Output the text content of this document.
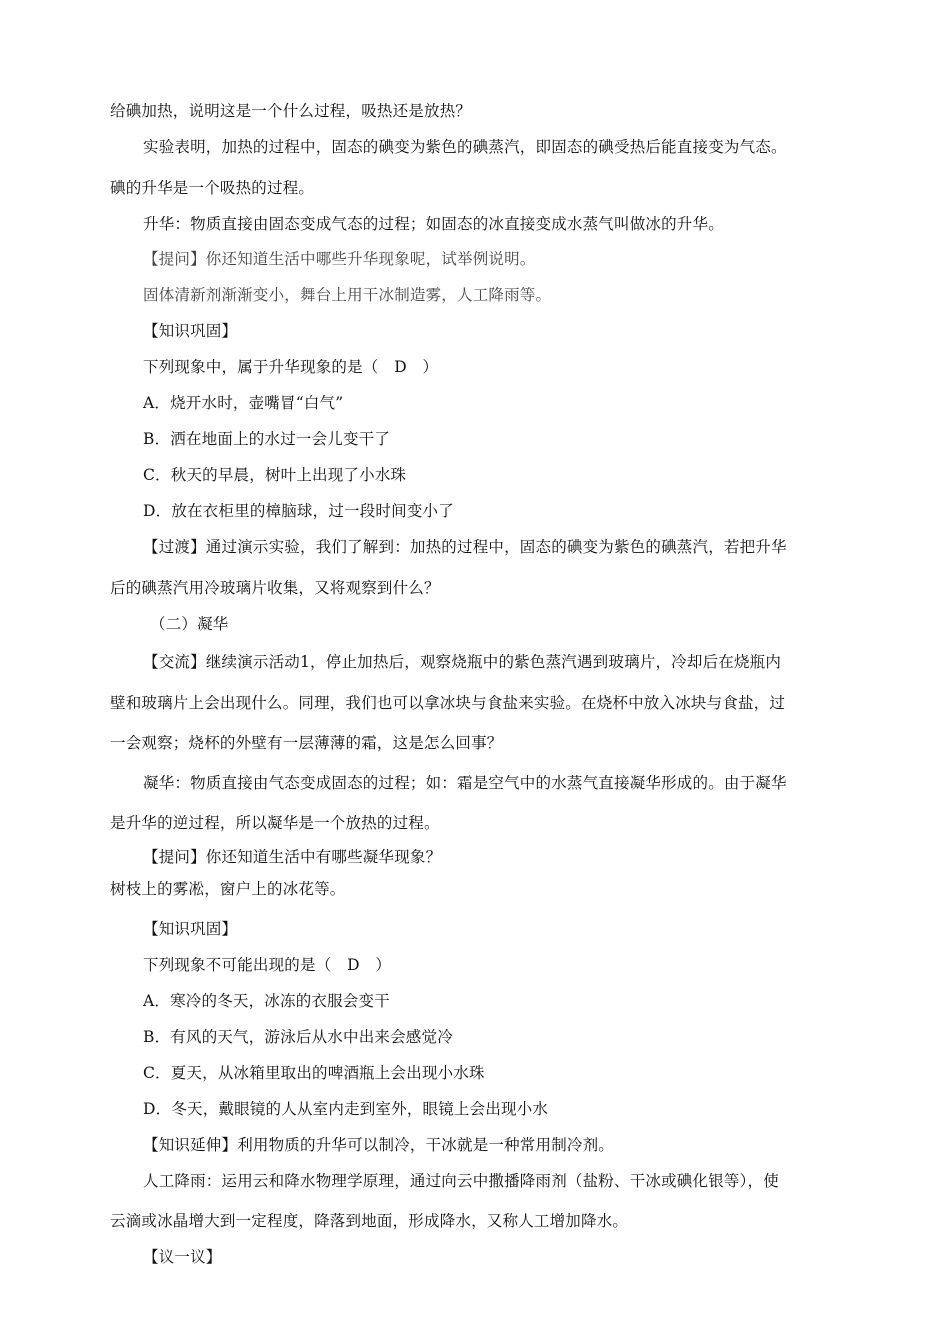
给碘加热，说明这是一个什么过程，吸热还是放热？
实验表明，加热的过程中，固态的碘变为紫色的碘蒸汽，即固态的碘受热后能直接变为气态。
碘的升华是一个吸热的过程。
升华：物质直接由固态变成气态的过程；如固态的冰直接变成水蒸气叫做冰的升华。
【提问】你还知道生活中哪些升华现象呢，试举例说明。
固体清新剂渐渐变小，舞台上用干冰制造雾，人工降雨等。
【知识巩固】
下列现象中，属于升华现象的是（　D　）
A．烧开水时，壶嘴冒“白气”
B．洒在地面上的水过一会儿变干了
C．秋天的早晨，树叶上出现了小水珠
D．放在衣柜里的樟脑球，过一段时间变小了
【过渡】通过演示实验，我们了解到：加热的过程中，固态的碘变为紫色的碘蒸汽，若把升华
后的碘蒸汽用冷玻璃片收集，又将观察到什么？
（二）凝华
【交流】继续演示活动1，停止加热后，观察烧瓶中的紫色蒸汽遇到玻璃片，冷却后在烧瓶内
壁和玻璃片上会出现什么。同理，我们也可以拿冰块与食盐来实验。在烧杯中放入冰块与食盐，过
一会观察；烧杯的外壁有一层薄薄的霜，这是怎么回事？
凝华：物质直接由气态变成固态的过程；如：霜是空气中的水蒸气直接凝华形成的。由于凝华
是升华的逆过程，所以凝华是一个放热的过程。
【提问】你还知道生活中有哪些凝华现象？
树枝上的雾凇，窗户上的冰花等。
【知识巩固】
下列现象不可能出现的是（　D　）
A．寒冷的冬天，冰冻的衣服会变干
B．有风的天气，游泳后从水中出来会感觉冷
C．夏天，从冰箱里取出的啤酒瓶上会出现小水珠
D．冬天，戴眼镜的人从室内走到室外，眼镜上会出现小水
【知识延伸】利用物质的升华可以制冷，干冰就是一种常用制冷剂。
人工降雨：运用云和降水物理学原理，通过向云中撒播降雨剂（盐粉、干冰或碘化银等），使
云滴或冰晶增大到一定程度，降落到地面，形成降水，又称人工增加降水。
【议一议】
